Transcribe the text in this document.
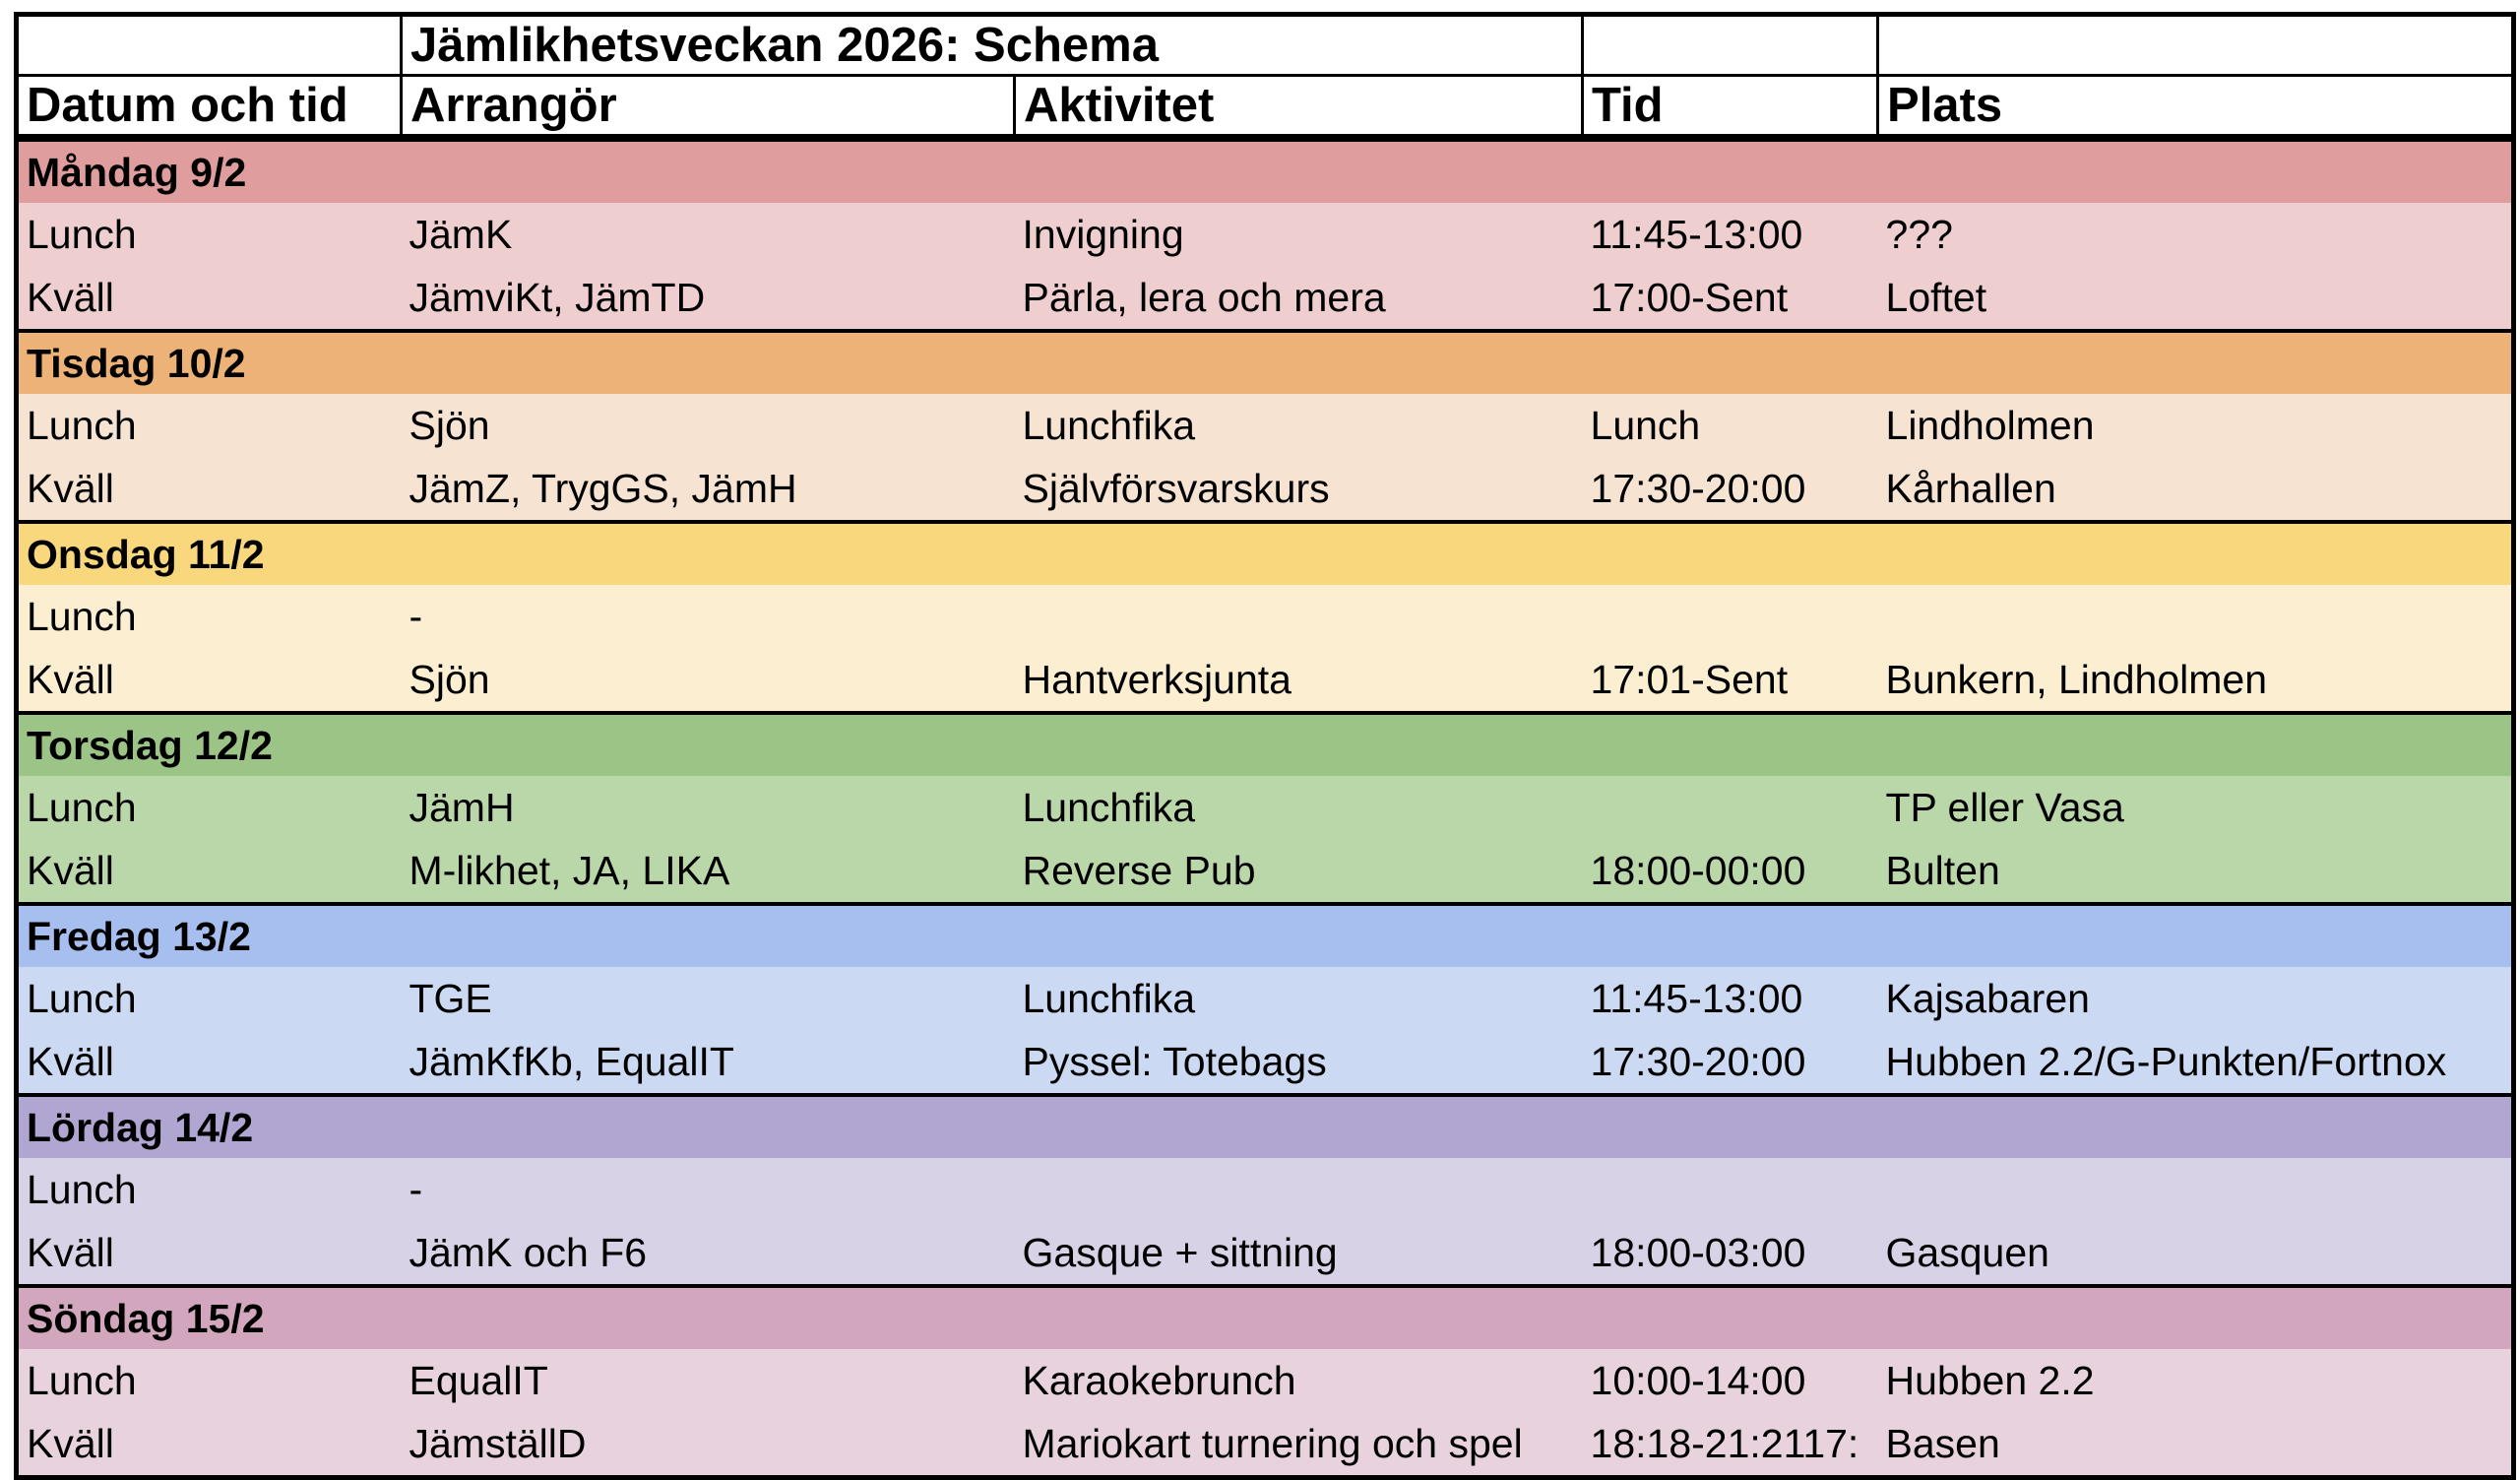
	Jämlikhetsveckan 2026: Schema			
Datum och tid	Arrangör	Aktivitet	Tid	Plats
Måndag 9/2				
Lunch	JämK	Invigning	11:45-13:00	???
Kväll	JämviKt, JämTD	Pärla, lera och mera	17:00-Sent	Loftet
Tisdag 10/2				
Lunch	Sjön	Lunchfika	Lunch	Lindholmen
Kväll	JämZ, TrygGS, JämH	Självförsvarskurs	17:30-20:00	Kårhallen
Onsdag 11/2				
Lunch	-			
Kväll	Sjön	Hantverksjunta	17:01-Sent	Bunkern, Lindholmen
Torsdag 12/2				
Lunch	JämH	Lunchfika		TP eller Vasa
Kväll	M-likhet, JA, LIKA	Reverse Pub	18:00-00:00	Bulten
Fredag 13/2				
Lunch	TGE	Lunchfika	11:45-13:00	Kajsabaren
Kväll	JämKfKb, EqualIT	Pyssel: Totebags	17:30-20:00	Hubben 2.2/G-Punkten/Fortnox
Lördag 14/2				
Lunch	-			
Kväll	JämK och F6	Gasque + sittning	18:00-03:00	Gasquen
Söndag 15/2				
Lunch	EqualIT	Karaokebrunch	10:00-14:00	Hubben 2.2
Kväll	JämställD	Mariokart turnering och spel	18:18-21:2117:	Basen
